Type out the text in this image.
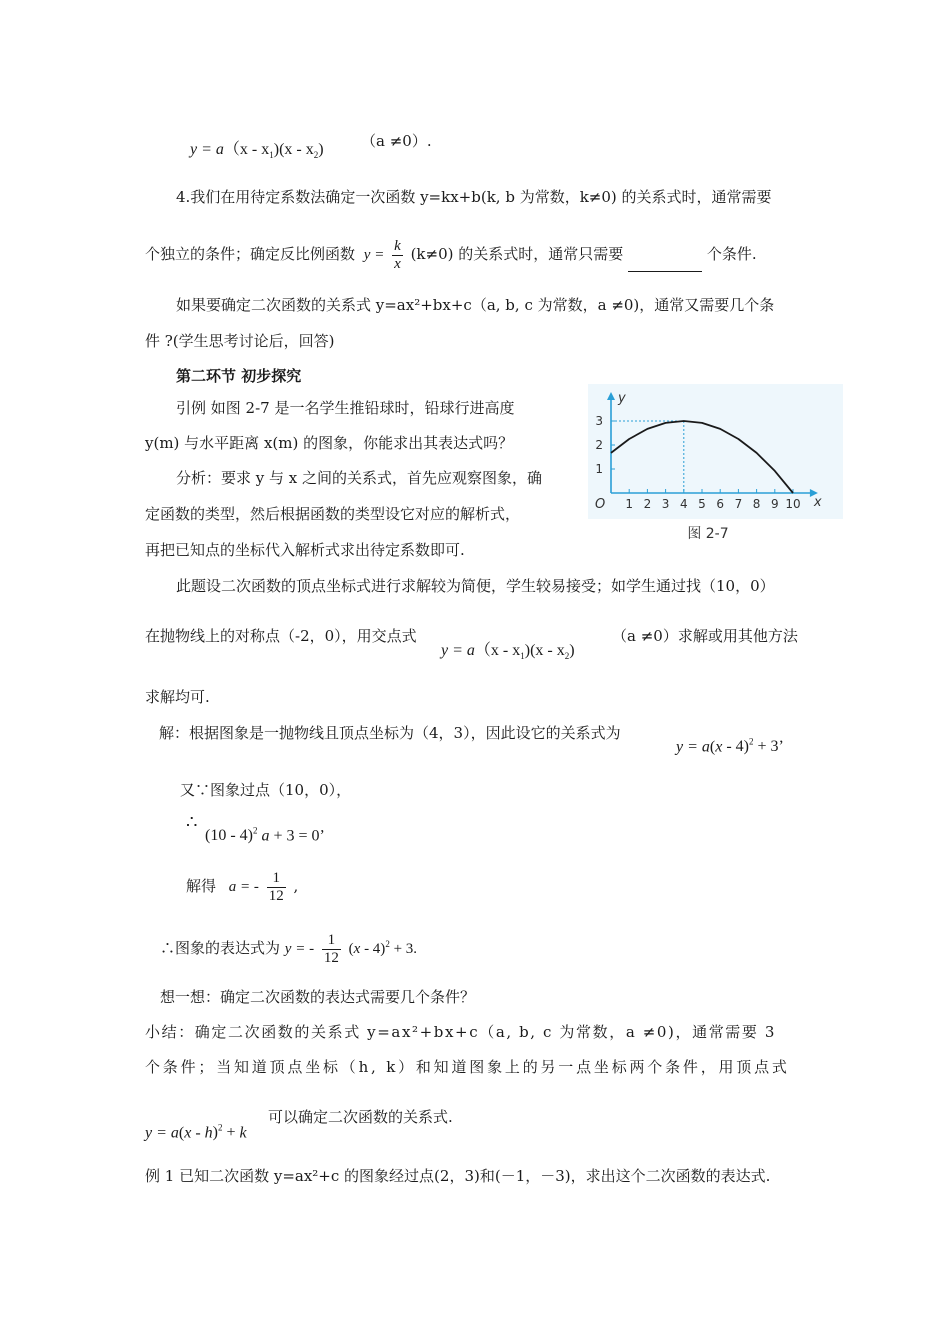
$y = a(x - x_1)(x - x_2)$ （a ≠0）.
4.我们在用待定系数法确定一次函数 y=kx+b(k, b 为常数，k≠0) 的关系式时，通常需要
个独立的条件；确定反比例函数 $y = \frac{k}{x} (k\ne 0)$ 的关系式时，通常只需要	个条件.
如果要确定二次函数的关系式 y=ax²+bx+c（a, b, c 为常数，a ≠0)，通常又需要几个条
件 ?(学生思考讨论后，回答)
第二环节 初步探究
引例 如图 2-7 是一名学生推铅球时，铅球行进高度
y(m) 与水平距离 x(m) 的图象，你能求出其表达式吗？
分析：要求 y 与 x 之间的关系式，首先应观察图象，确
定函数的类型，然后根据函数的类型设它对应的解析式，
再把已知点的坐标代入解析式求出待定系数即可.
x
y
O 1 2 3 4 5 6 7 8 9 10
1
2
3
图 2-7
此题设二次函数的顶点坐标式进行求解较为简便，学生较易接受；如学生通过找（10，0）
在抛物线上的对称点（-2，0），用交点式
$y = a(x - x_1)(x - x_2)$
（a ≠0）求解或用其他方法
求解均可.
解：根据图象是一抛物线且顶点坐标为（4，3），因此设它的关系式为
y = a(x - 4)$^2$ + 3’
又∵图象过点（10，0），
∴
(10 - 4)$^2$ a + 3 = 0’
解得 a = - $\frac{1}{12}$ ,
∴图象的表达式为 y = - $\frac{1}{12} (x - 4)^2 + 3$.
想一想：确定二次函数的表达式需要几个条件？
小结：确定二次函数的关系式 y=ax²+bx+c（a, b, c 为常数，a ≠0)，通常需要 3
个条件；当知道顶点坐标（h, k）和知道图象上的另一点坐标两个条件，用顶点式
y = a(x - h)$^2$ + k
可以确定二次函数的关系式.
例 1 已知二次函数 y=ax²+c 的图象经过点(2，3)和(－1，－3)，求出这个二次函数的表达式.
